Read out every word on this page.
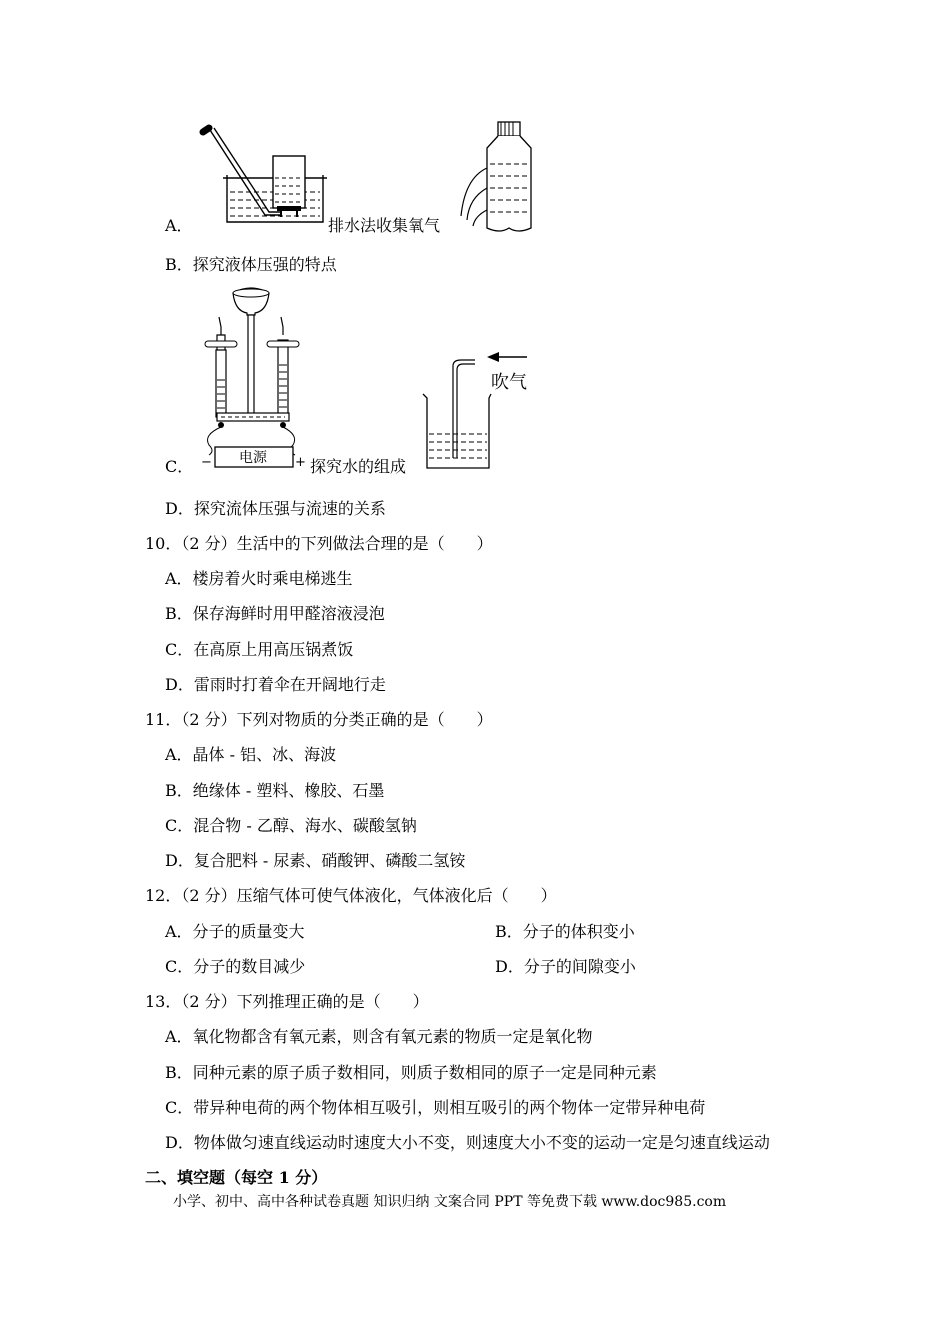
A．	排水法收集氧气
B．探究液体压强的特点
电源
−	+
吹气
C．	探究水的组成
D．探究流体压强与流速的关系
10．（2 分）生活中的下列做法合理的是（　　）
A．楼房着火时乘电梯逃生
B．保存海鲜时用甲醛溶液浸泡
C．在高原上用高压锅煮饭
D．雷雨时打着伞在开阔地行走
11．（2 分）下列对物质的分类正确的是（　　）
A．晶体 - 铝、冰、海波
B．绝缘体 - 塑料、橡胶、石墨
C．混合物 - 乙醇、海水、碳酸氢钠
D．复合肥料 - 尿素、硝酸钾、磷酸二氢铵
12．（2 分）压缩气体可使气体液化，气体液化后（　　）
A．分子的质量变大	B．分子的体积变小
C．分子的数目减少	D．分子的间隙变小
13．（2 分）下列推理正确的是（　　）
A．氧化物都含有氧元素，则含有氧元素的物质一定是氧化物
B．同种元素的原子质子数相同，则质子数相同的原子一定是同种元素
C．带异种电荷的两个物体相互吸引，则相互吸引的两个物体一定带异种电荷
D．物体做匀速直线运动时速度大小不变，则速度大小不变的运动一定是匀速直线运动
二、填空题（每空 1 分）
小学、初中、高中各种试卷真题 知识归纳 文案合同 PPT 等免费下载 www.doc985.com
